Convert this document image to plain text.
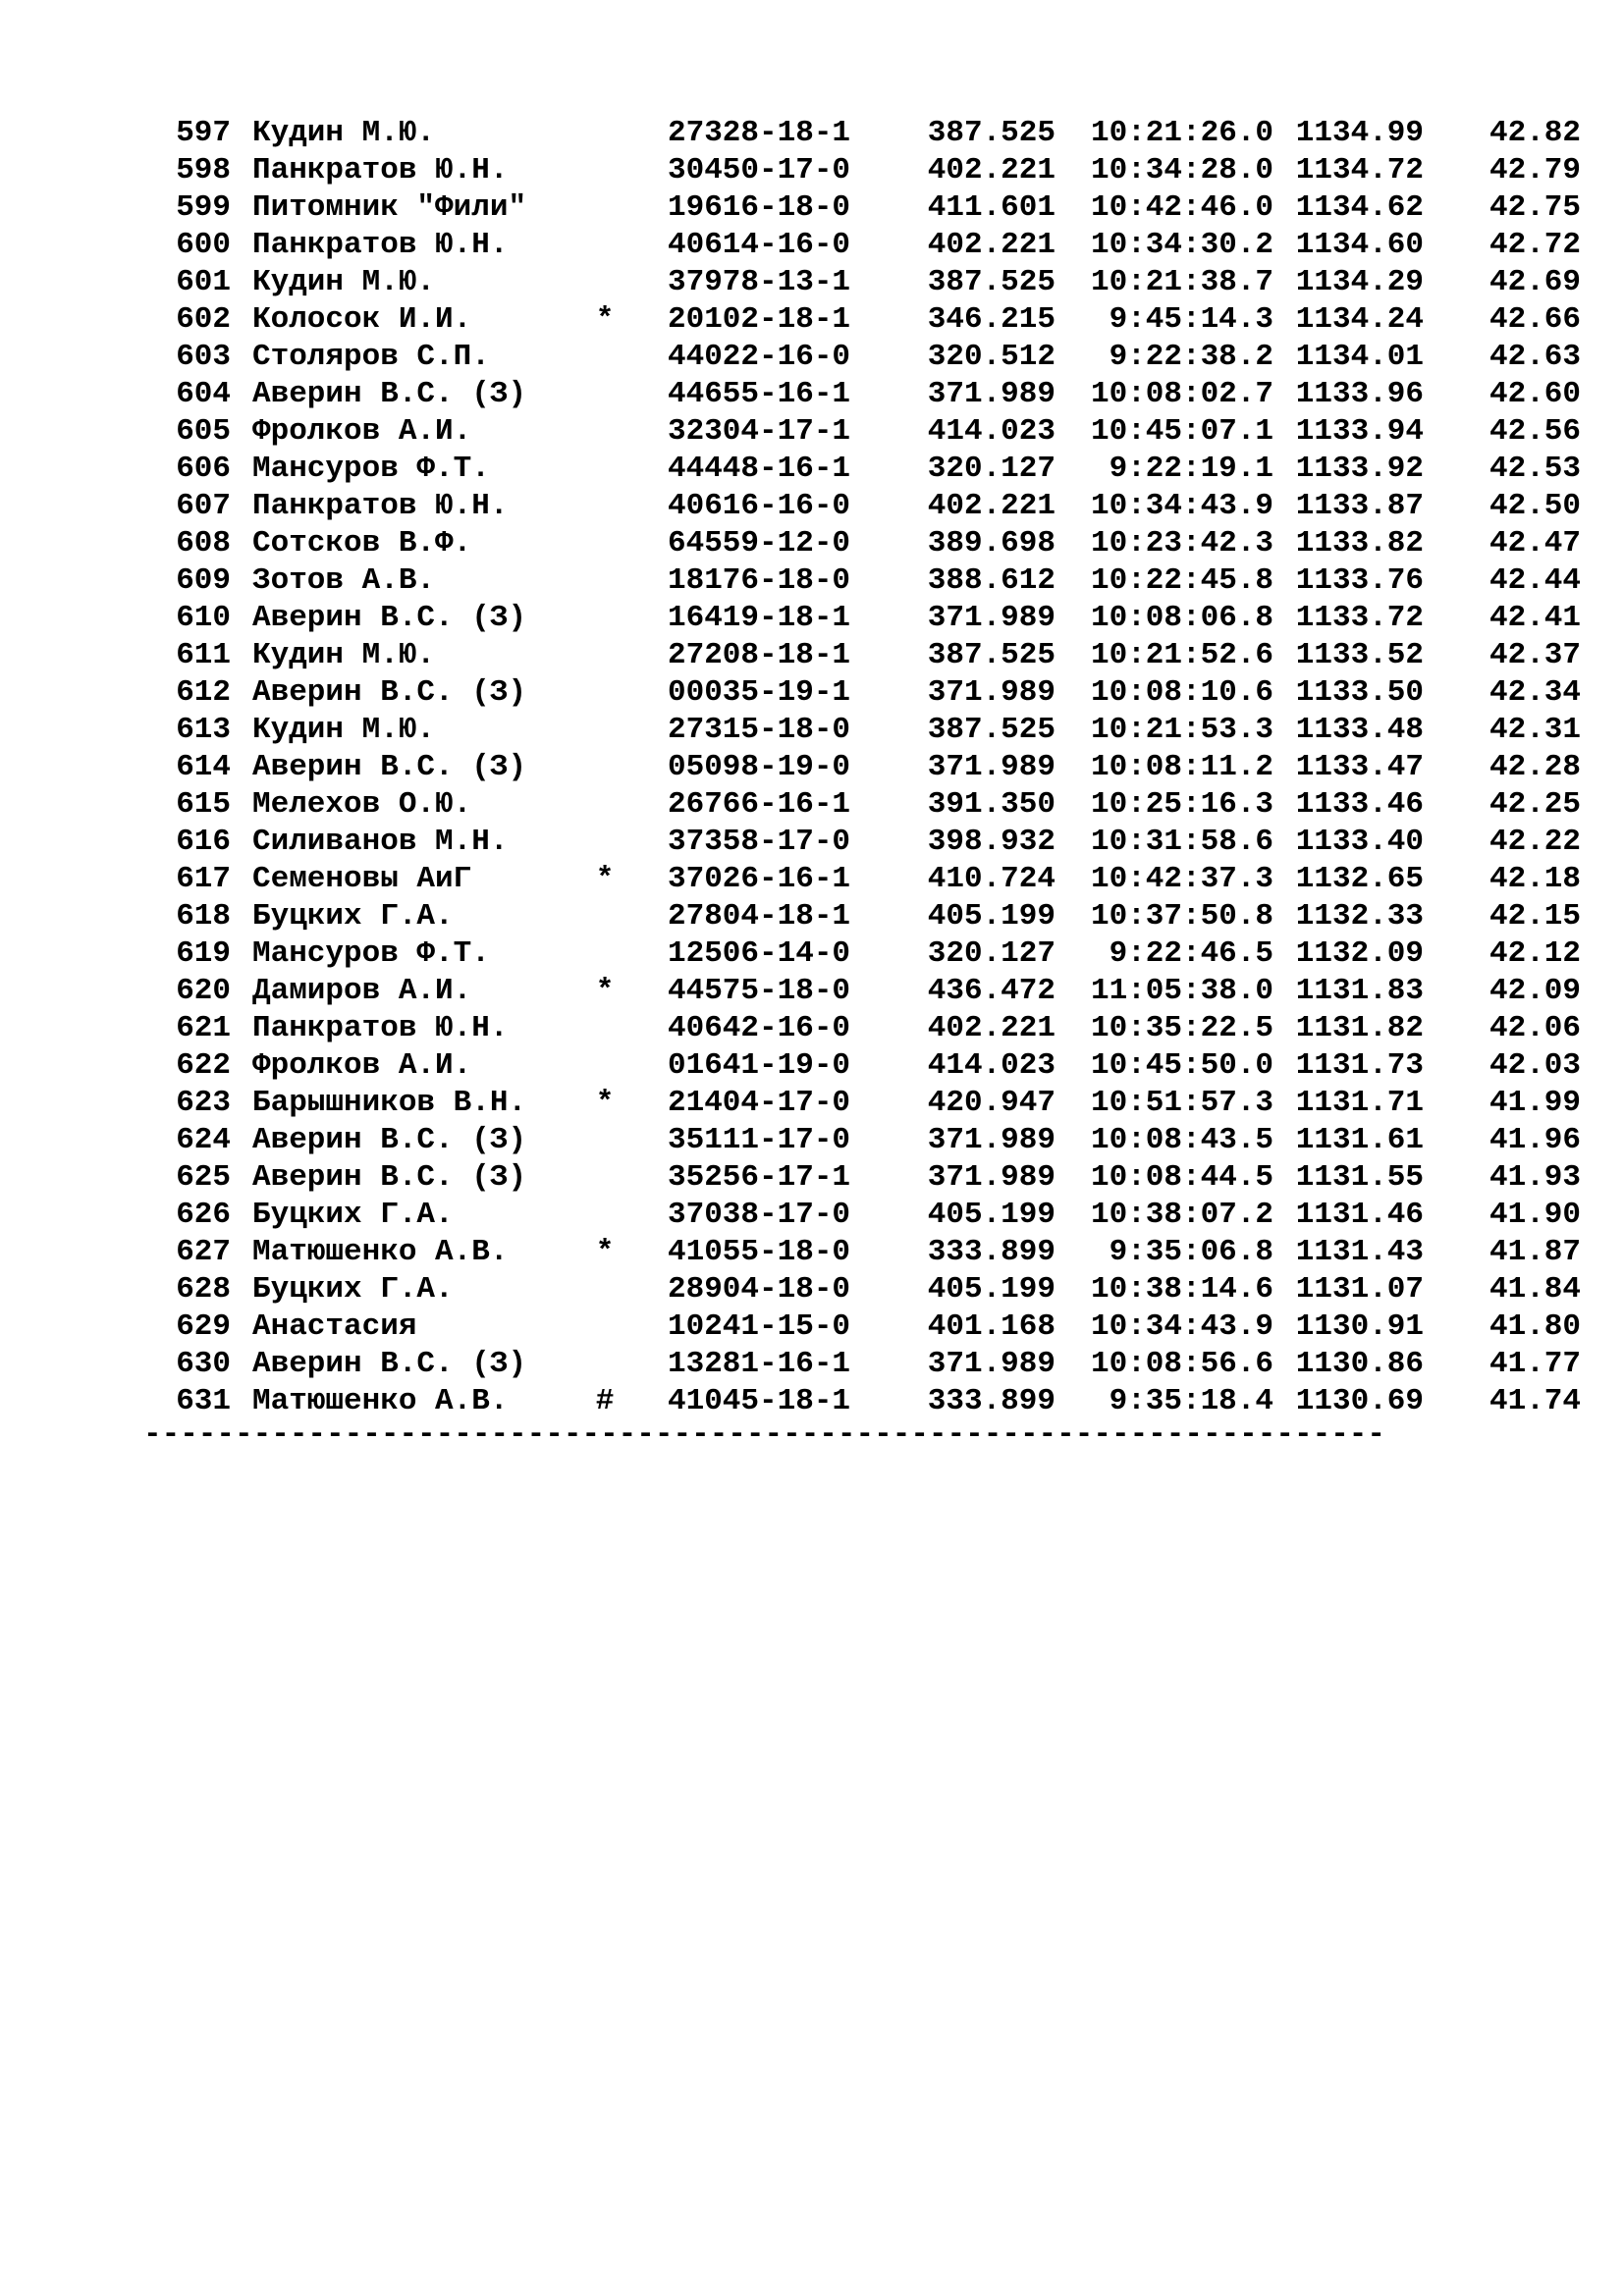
597 Кудин М.Ю.	27328-18-1	387.525	10:21:26.0 1134.99	42.82
598 Панкратов Ю.Н.	30450-17-0	402.221	10:34:28.0 1134.72	42.79
599 Питомник "Фили"	19616-18-0	411.601	10:42:46.0 1134.62	42.75
600 Панкратов Ю.Н.	40614-16-0	402.221	10:34:30.2 1134.60	42.72
601 Кудин М.Ю.	37978-13-1	387.525	10:21:38.7 1134.29	42.69
602 Колосок И.И.	*	20102-18-1	346.215	9:45:14.3 1134.24	42.66
603 Столяров С.П.	44022-16-0	320.512	9:22:38.2 1134.01	42.63
604 Аверин В.С. (З)	44655-16-1	371.989	10:08:02.7 1133.96	42.60
605 Фролков А.И.	32304-17-1	414.023	10:45:07.1 1133.94	42.56
606 Мансуров Ф.Т.	44448-16-1	320.127	9:22:19.1 1133.92	42.53
607 Панкратов Ю.Н.	40616-16-0	402.221	10:34:43.9 1133.87	42.50
608 Сотсков В.Ф.	64559-12-0	389.698	10:23:42.3 1133.82	42.47
609 Зотов А.В.	18176-18-0	388.612	10:22:45.8 1133.76	42.44
610 Аверин В.С. (З)	16419-18-1	371.989	10:08:06.8 1133.72	42.41
611 Кудин М.Ю.	27208-18-1	387.525	10:21:52.6 1133.52	42.37
612 Аверин В.С. (З)	00035-19-1	371.989	10:08:10.6 1133.50	42.34
613 Кудин М.Ю.	27315-18-0	387.525	10:21:53.3 1133.48	42.31
614 Аверин В.С. (З)	05098-19-0	371.989	10:08:11.2 1133.47	42.28
615 Мелехов О.Ю.	26766-16-1	391.350	10:25:16.3 1133.46	42.25
616 Силиванов М.Н.	37358-17-0	398.932	10:31:58.6 1133.40	42.22
617 Семеновы АиГ	*	37026-16-1	410.724	10:42:37.3 1132.65	42.18
618 Буцких Г.А.	27804-18-1	405.199	10:37:50.8 1132.33	42.15
619 Мансуров Ф.Т.	12506-14-0	320.127	9:22:46.5 1132.09	42.12
620 Дамиров А.И.	*	44575-18-0	436.472	11:05:38.0 1131.83	42.09
621 Панкратов Ю.Н.	40642-16-0	402.221	10:35:22.5 1131.82	42.06
622 Фролков А.И.	01641-19-0	414.023	10:45:50.0 1131.73	42.03
623 Барышников В.Н.	*	21404-17-0	420.947	10:51:57.3 1131.71	41.99
624 Аверин В.С. (З)	35111-17-0	371.989	10:08:43.5 1131.61	41.96
625 Аверин В.С. (З)	35256-17-1	371.989	10:08:44.5 1131.55	41.93
626 Буцких Г.А.	37038-17-0	405.199	10:38:07.2 1131.46	41.90
627 Матюшенко А.В.	*	41055-18-0	333.899	9:35:06.8 1131.43	41.87
628 Буцких Г.А.	28904-18-0	405.199	10:38:14.6 1131.07	41.84
629 Анастасия	10241-15-0	401.168	10:34:43.9 1130.91	41.80
630 Аверин В.С. (З)	13281-16-1	371.989	10:08:56.6 1130.86	41.77
631 Матюшенко А.В.	#	41045-18-1	333.899	9:35:18.4 1130.69	41.74
--------------------------------------------------------------------
